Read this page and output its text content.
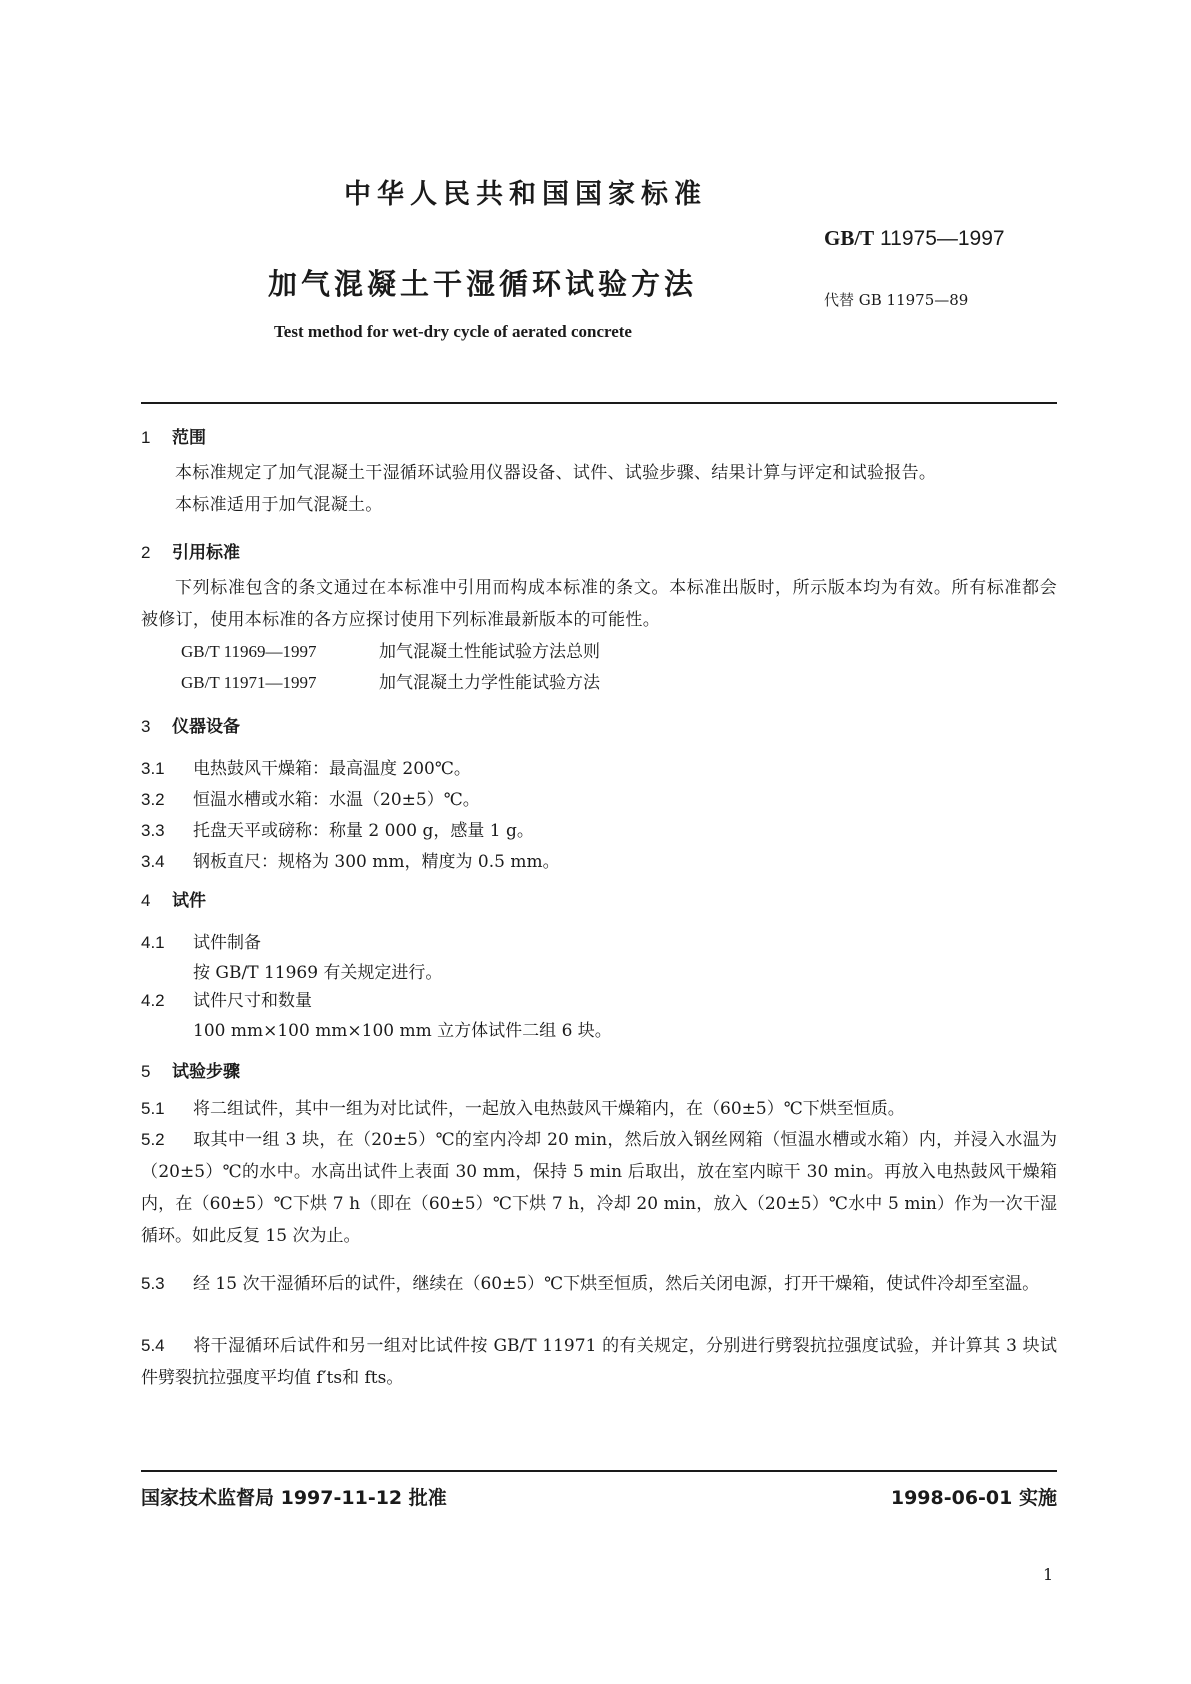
中华人民共和国国家标准
GB/T 11975—1997
加气混凝土干湿循环试验方法	代替 GB 11975—89
Test method for wet-dry cycle of aerated concrete
1 范围
本标准规定了加气混凝土干湿循环试验用仪器设备、试件、试验步骤、结果计算与评定和试验报告。
本标准适用于加气混凝土。
2 引用标准
下列标准包含的条文通过在本标准中引用而构成本标准的条文。本标准出版时，所示版本均为有效。所有标准都会被修订，使用本标准的各方应探讨使用下列标准最新版本的可能性。
GB/T 11969—1997	加气混凝土性能试验方法总则
GB/T 11971—1997	加气混凝土力学性能试验方法
3 仪器设备
3.1 电热鼓风干燥箱：最高温度 200℃。
3.2 恒温水槽或水箱：水温（20±5）℃。
3.3 托盘天平或磅称：称量 2 000 g，感量 1 g。
3.4 钢板直尺：规格为 300 mm，精度为 0.5 mm。
4 试件
4.1 试件制备
按 GB/T 11969 有关规定进行。
4.2 试件尺寸和数量
100 mm×100 mm×100 mm 立方体试件二组 6 块。
5 试验步骤
5.1 将二组试件，其中一组为对比试件，一起放入电热鼓风干燥箱内，在（60±5）℃下烘至恒质。
5.2 取其中一组 3 块，在（20±5）℃的室内冷却 20 min，然后放入钢丝网箱（恒温水槽或水箱）内，并浸入水温为（20±5）℃的水中。水高出试件上表面 30 mm，保持 5 min 后取出，放在室内晾干 30 min。再放入电热鼓风干燥箱内，在（60±5）℃下烘 7 h（即在（60±5）℃下烘 7 h，冷却 20 min，放入（20±5）℃水中 5 min）作为一次干湿循环。如此反复 15 次为止。
5.3 经 15 次干湿循环后的试件，继续在（60±5）℃下烘至恒质，然后关闭电源，打开干燥箱，使试件冷却至室温。
5.4 将干湿循环后试件和另一组对比试件按 GB/T 11971 的有关规定，分别进行劈裂抗拉强度试验，并计算其 3 块试件劈裂抗拉强度平均值 f′ts和 fts。
国家技术监督局 1997-11-12 批准	1998-06-01 实施
1
